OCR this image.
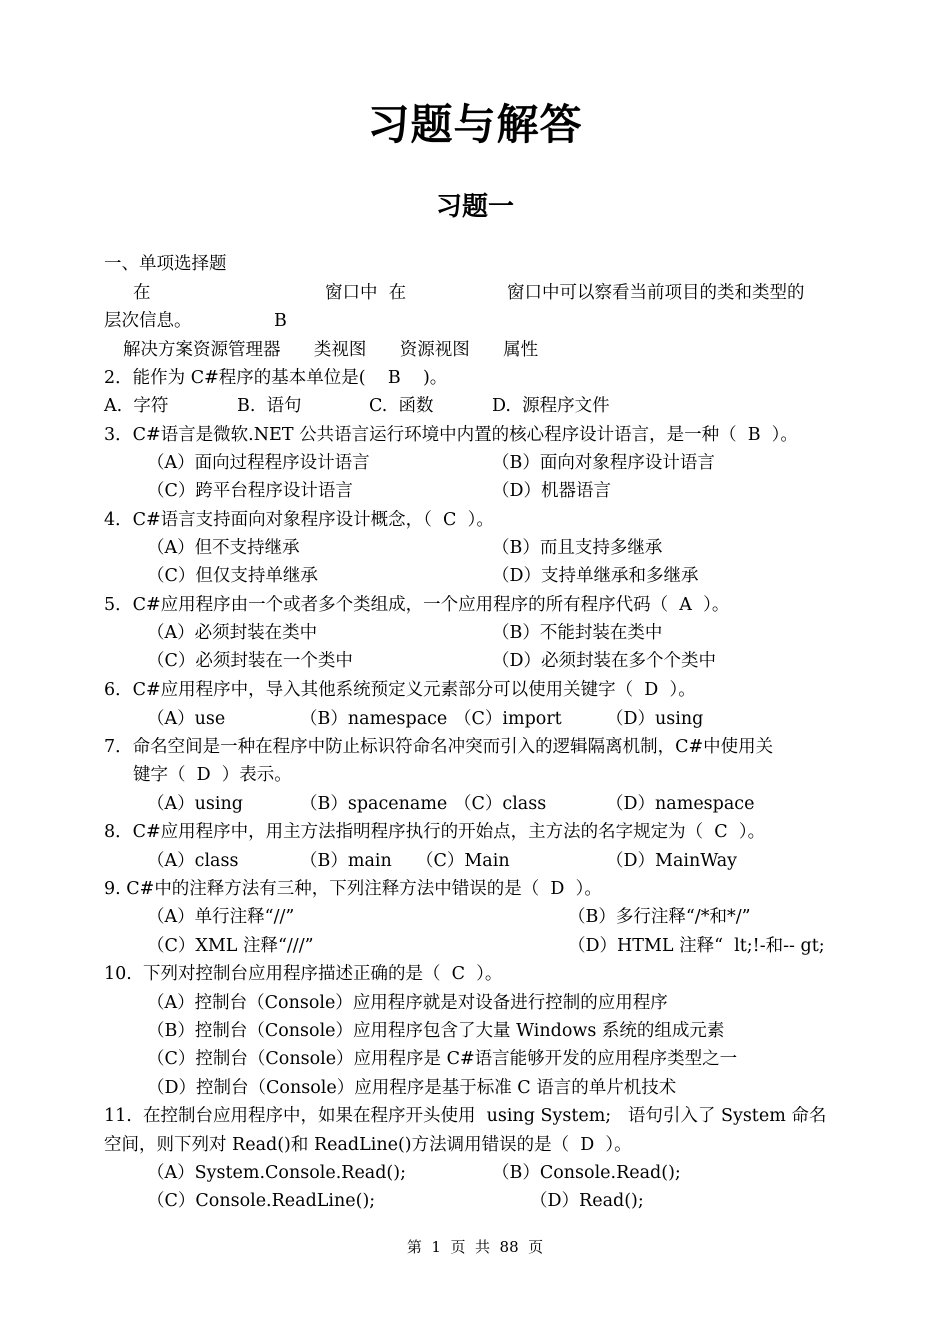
习题与解答
习题一
一、单项选择题
在	窗口中  在	窗口中可以察看当前项目的类和类型的
层次信息。	B
解决方案资源管理器      类视图      资源视图      属性
2．能作为 C#程序的基本单位是(    B    )。
A.  字符	B.  语句	C.  函数	D.  源程序文件
3．C#语言是微软.NET 公共语言运行环境中内置的核心程序设计语言，是一种（  B  ）。
（A）面向过程程序设计语言	（B）面向对象程序设计语言
（C）跨平台程序设计语言	（D）机器语言
4．C#语言支持面向对象程序设计概念，（  C  ）。
（A）但不支持继承	（B）而且支持多继承
（C）但仅支持单继承	（D）支持单继承和多继承
5．C#应用程序由一个或者多个类组成，一个应用程序的所有程序代码（  A  ）。
（A）必须封装在类中	（B）不能封装在类中
（C）必须封装在一个类中	（D）必须封装在多个个类中
6．C#应用程序中，导入其他系统预定义元素部分可以使用关键字（  D  ）。
（A）use	（B）namespace （C）import	（D）using
7．命名空间是一种在程序中防止标识符命名冲突而引入的逻辑隔离机制，C#中使用关
键字（  D  ）表示。
（A）using	（B）spacename （C）class	（D）namespace
8．C#应用程序中，用主方法指明程序执行的开始点，主方法的名字规定为（  C  ）。
（A）class	（B）main （C）Main	（D）MainWay
9. C#中的注释方法有三种，下列注释方法中错误的是（  D  ）。
（A）单行注释“//”	（B）多行注释“/*和*/”
（C）XML 注释“///”	（D）HTML 注释“  lt;!-和-- gt;
10.  下列对控制台应用程序描述正确的是（  C  ）。
（A）控制台（Console）应用程序就是对设备进行控制的应用程序
（B）控制台（Console）应用程序包含了大量 Windows 系统的组成元素
（C）控制台（Console）应用程序是 C#语言能够开发的应用程序类型之一
（D）控制台（Console）应用程序是基于标准 C 语言的单片机技术
11.  在控制台应用程序中，如果在程序开头使用  using System;   语句引入了 System 命名
空间，则下列对 Read()和 ReadLine()方法调用错误的是（  D  ）。
（A）System.Console.Read();	（B）Console.Read();
（C）Console.ReadLine();	（D）Read();
第  1  页  共  88  页
